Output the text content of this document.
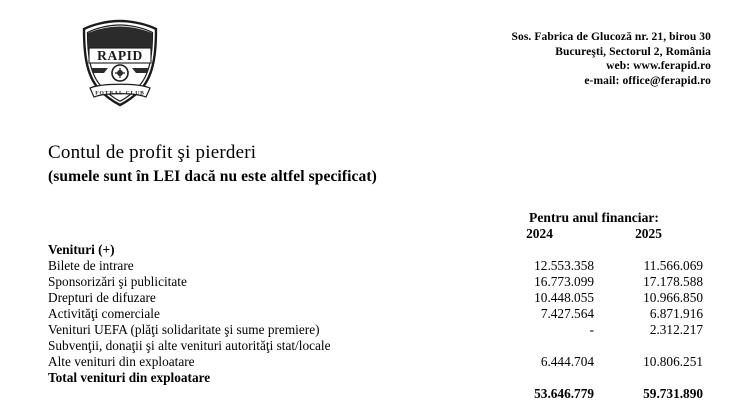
RAPID
FOTBAL CLUB
Sos. Fabrica de Glucoză nr. 21, birou 30
Bucureşti, Sectorul 2, România
web: www.ferapid.ro
e-mail: office@ferapid.ro
Contul de profit şi pierderi
(sumele sunt în LEI dacă nu este altfel specificat)
	Pentru anul financiar:	
	2024	2025
Venituri (+)		
Bilete de intrare	12.553.358	11.566.069
Sponsorizări şi publicitate	16.773.099	17.178.588
Drepturi de difuzare	10.448.055	10.966.850
Activităţi comerciale	7.427.564	6.871.916
Venituri UEFA (plăţi solidaritate şi sume premiere)	-	2.312.217
Subvenţii, donaţii şi alte venituri autorităţi stat/locale		
Alte venituri din exploatare	6.444.704	10.806.251
Total venituri din exploatare		
	53.646.779	59.731.890
